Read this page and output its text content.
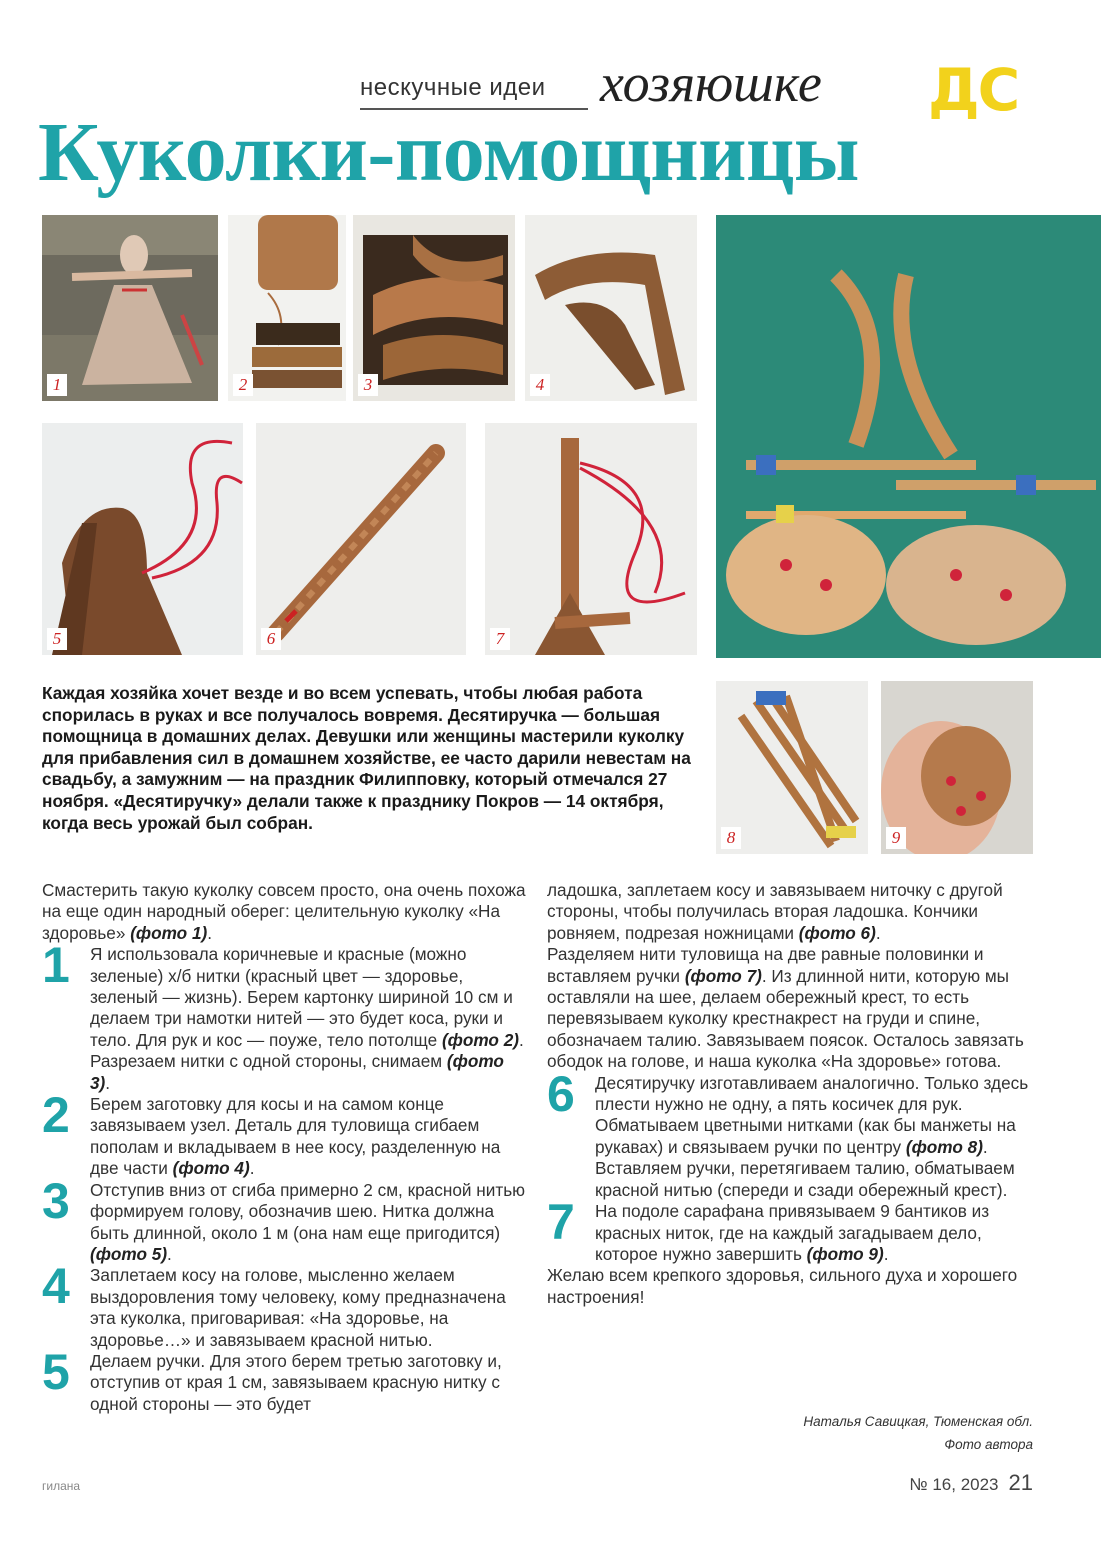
нескучные идеи хозяюшке ДС
Куколки-помощницы
1	2	3	4
5	6	7
8	9

Каждая хозяйка хочет везде и во всем успевать, чтобы любая работа спорилась в руках и все получалось вовремя. Десятиручка — большая помощница в домашних делах. Девушки или женщины мастерили куколку для прибавления сил в домашнем хозяйстве, ее часто дарили невестам на свадьбу, а замужним — на праздник Филипповку, который отмечался 27 ноября. «Десятиручку» делали также к празднику Покров — 14 октября, когда весь урожай был собран.

Смастерить такую куколку совсем просто, она очень похожа на еще один народный оберег: целительную куколку «На здоровье» (фото 1).

1 Я использовала коричневые и красные (можно зеленые) х/б нитки (красный цвет — здоровье, зеленый — жизнь). Берем картонку шириной 10 см и делаем три намотки нитей — это будет коса, руки и тело. Для рук и кос — поуже, тело потолще (фото 2). Разрезаем нитки с одной стороны, снимаем (фото 3).

2 Берем заготовку для косы и на самом конце завязываем узел. Деталь для туловища сгибаем пополам и вкладываем в нее косу, разделенную на две части (фото 4).

3 Отступив вниз от сгиба примерно 2 см, красной нитью формируем голову, обозначив шею. Нитка должна быть длинной, около 1 м (она нам еще пригодится) (фото 5).

4 Заплетаем косу на голове, мысленно желаем выздоровления тому человеку, кому предназначена эта куколка, приговаривая: «На здоровье, на здоровье…» и завязываем красной нитью.

5 Делаем ручки. Для этого берем третью заготовку и, отступив от края 1 см, завязываем красную нитку с одной стороны — это будет

ладошка, заплетаем косу и завязываем ниточку с другой стороны, чтобы получилась вторая ладошка. Кончики ровняем, подрезая ножницами (фото 6).

Разделяем нити туловища на две равные половинки и вставляем ручки (фото 7). Из длинной нити, которую мы оставляли на шее, делаем обережный крест, то есть перевязываем куколку крестнакрест на груди и спине, обозначаем талию. Завязываем поясок. Осталось завязать ободок на голове, и наша куколка «На здоровье» готова.

6 Десятиручку изготавливаем аналогично. Только здесь плести нужно не одну, а пять косичек для рук. Обматываем цветными нитками (как бы манжеты на рукавах) и связываем ручки по центру (фото 8). Вставляем ручки, перетягиваем талию, обматываем красной нитью (спереди и сзади обережный крест).

7 На подоле сарафана привязываем 9 бантиков из красных ниток, где на каждый загадываем дело, которое нужно завершить (фото 9).

Желаю всем крепкого здоровья, сильного духа и хорошего настроения!

Наталья Савицкая, Тюменская обл.
Фото автора
гилана	№ 16, 2023 21
